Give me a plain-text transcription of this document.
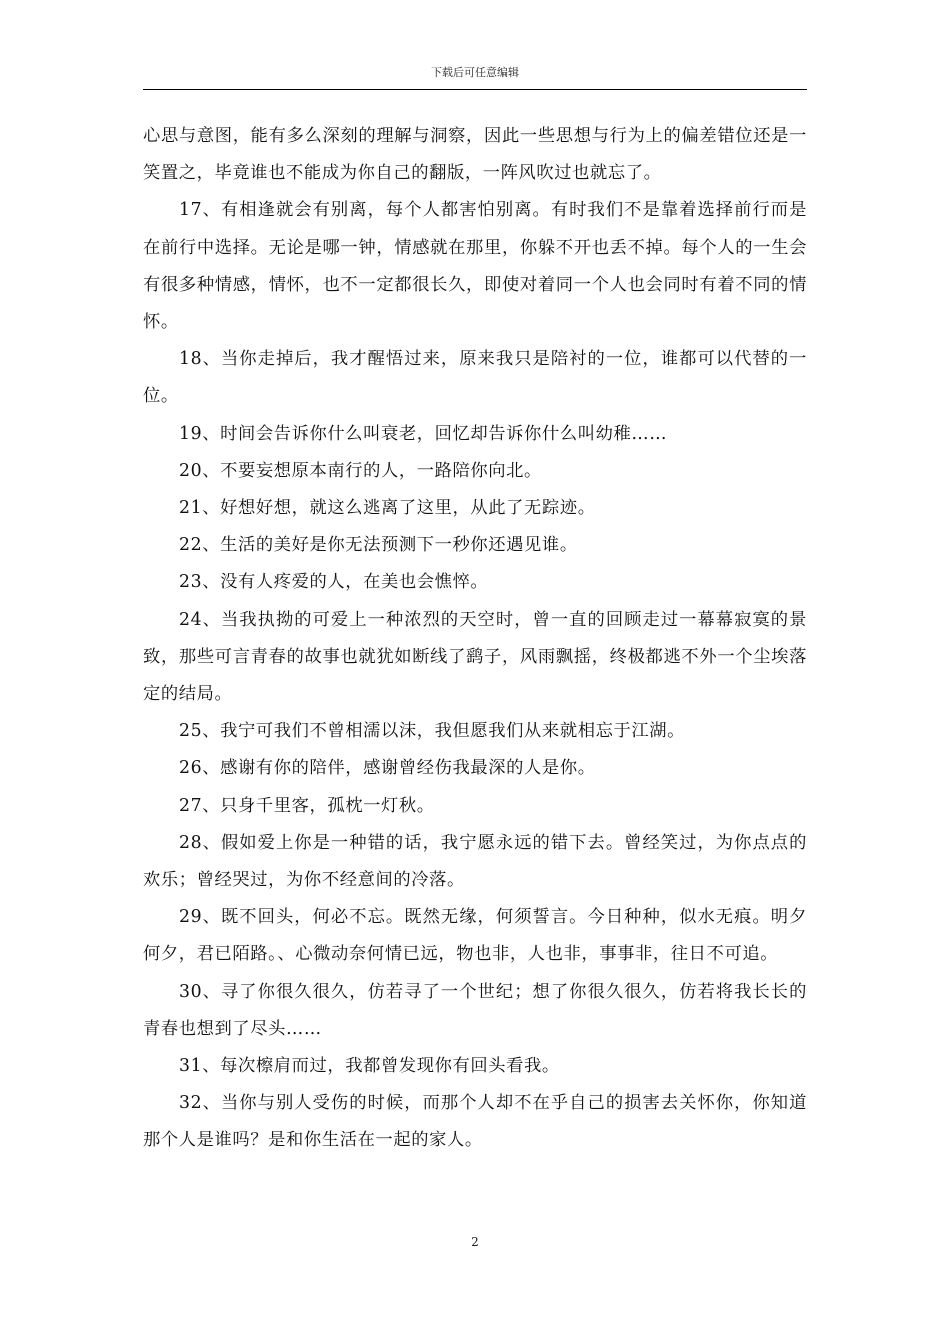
下载后可任意编辑

心思与意图，能有多么深刻的理解与洞察，因此一些思想与行为上的偏差错位还是一笑置之，毕竟谁也不能成为你自己的翻版，一阵风吹过也就忘了。

17、有相逢就会有别离，每个人都害怕别离。有时我们不是靠着选择前行而是在前行中选择。无论是哪一钟，情感就在那里，你躲不开也丢不掉。每个人的一生会有很多种情感，情怀，也不一定都很长久，即使对着同一个人也会同时有着不同的情怀。

18、当你走掉后，我才醒悟过来，原来我只是陪衬的一位，谁都可以代替的一位。

19、时间会告诉你什么叫衰老，回忆却告诉你什么叫幼稚……

20、不要妄想原本南行的人，一路陪你向北。

21、好想好想，就这么逃离了这里，从此了无踪迹。

22、生活的美好是你无法预测下一秒你还遇见谁。

23、没有人疼爱的人，在美也会憔悴。

24、当我执拗的可爱上一种浓烈的天空时，曾一直的回顾走过一幕幕寂寞的景致，那些可言青春的故事也就犹如断线了鹞子，风雨飘摇，终极都逃不外一个尘埃落定的结局。

25、我宁可我们不曾相濡以沫，我但愿我们从来就相忘于江湖。

26、感谢有你的陪伴，感谢曾经伤我最深的人是你。

27、只身千里客，孤枕一灯秋。

28、假如爱上你是一种错的话，我宁愿永远的错下去。曾经笑过，为你点点的欢乐；曾经哭过，为你不经意间的冷落。

29、既不回头，何必不忘。既然无缘，何须誓言。今日种种，似水无痕。明夕何夕，君已陌路。、心微动奈何情已远，物也非，人也非，事事非，往日不可追。

30、寻了你很久很久，仿若寻了一个世纪；想了你很久很久，仿若将我长长的青春也想到了尽头……

31、每次檫肩而过，我都曾发现你有回头看我。

32、当你与别人受伤的时候，而那个人却不在乎自己的损害去关怀你，你知道那个人是谁吗？是和你生活在一起的家人。

2
